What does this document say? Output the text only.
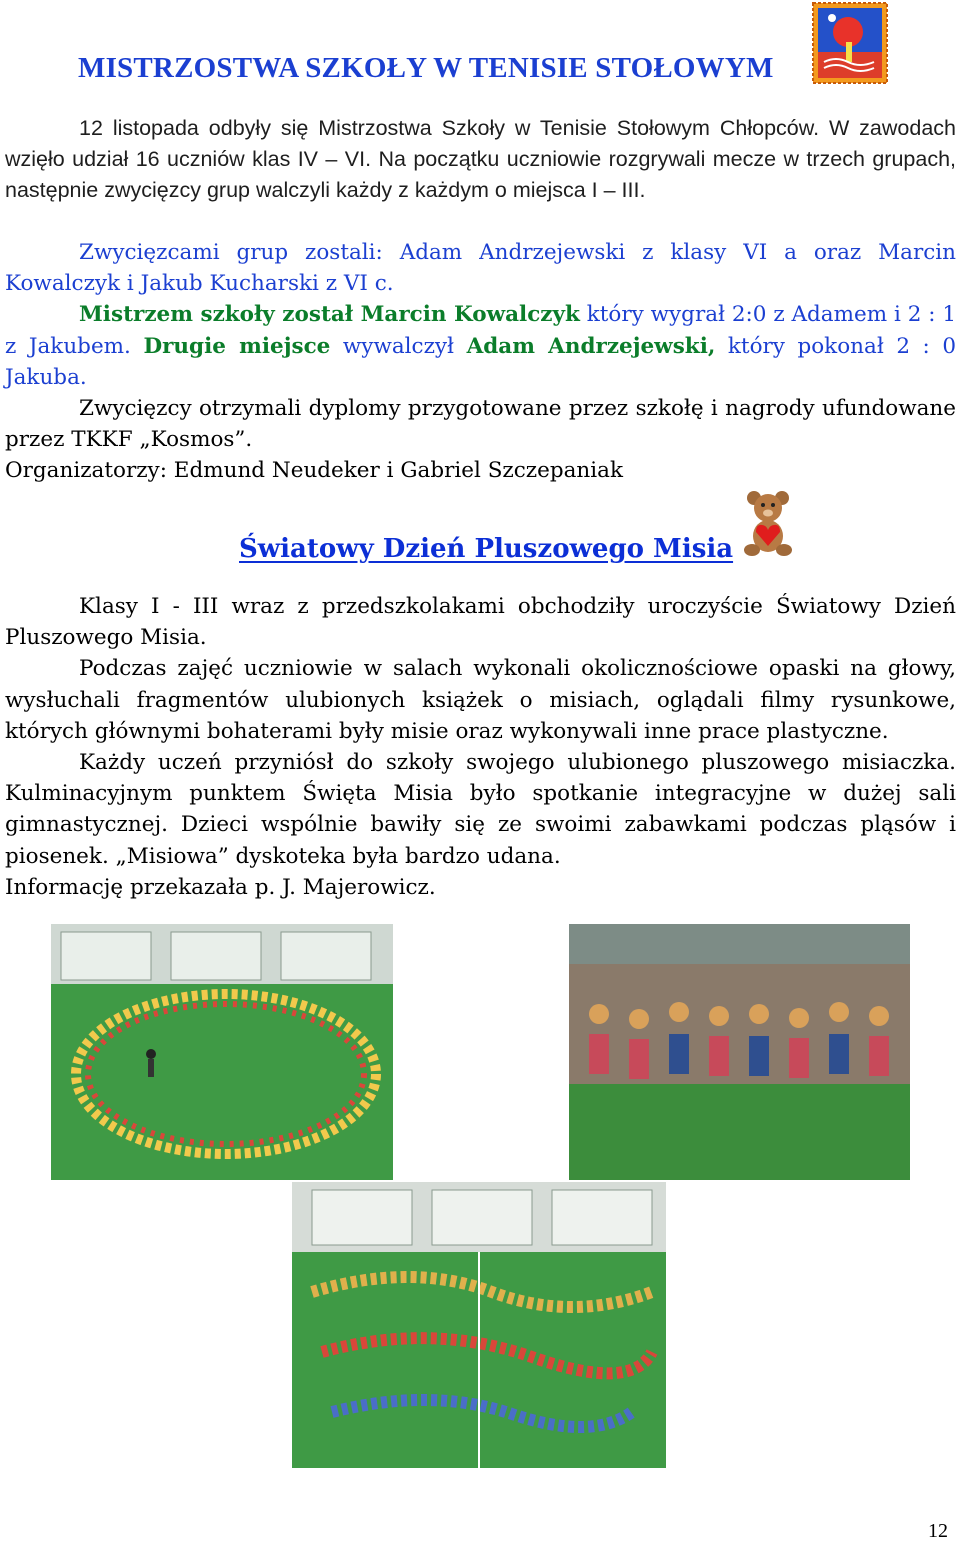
MISTRZOSTWA SZKOŁY W TENISIE STOŁOWYM

12 listopada odbyły się Mistrzostwa Szkoły w Tenisie Stołowym Chłopców. W zawodach wzięło udział 16 uczniów klas IV – VI. Na początku uczniowie rozgrywali mecze w trzech grupach, następnie zwycięzcy grup walczyli każdy z każdym o miejsca I – III.

Zwycięzcami grup zostali: Adam Andrzejewski z klasy VI a oraz Marcin Kowalczyk i Jakub Kucharski z VI c.

Mistrzem szkoły został Marcin Kowalczyk który wygrał 2:0 z Adamem i 2 : 1 z Jakubem. Drugie miejsce wywalczył Adam Andrzejewski, który pokonał 2 : 0 Jakuba.

Zwycięzcy otrzymali dyplomy przygotowane przez szkołę i nagrody ufundowane przez TKKF „Kosmos”.

Organizatorzy: Edmund Neudeker i Gabriel Szczepaniak

Światowy Dzień Pluszowego Misia

Klasy I - III wraz z przedszkolakami obchodziły uroczyście Światowy Dzień Pluszowego Misia.

Podczas zajęć uczniowie w salach wykonali okolicznościowe opaski na głowy, wysłuchali fragmentów ulubionych książek o misiach, oglądali filmy rysunkowe, których głównymi bohaterami były misie oraz wykonywali inne prace plastyczne.

Każdy uczeń przyniósł do szkoły swojego ulubionego pluszowego misiaczka. Kulminacyjnym punktem Święta Misia było spotkanie integracyjne w dużej sali gimnastycznej. Dzieci wspólnie bawiły się ze swoimi zabawkami podczas pląsów i piosenek. „Misiowa” dyskoteka była bardzo udana.

Informację przekazała p. J. Majerowicz.

12
